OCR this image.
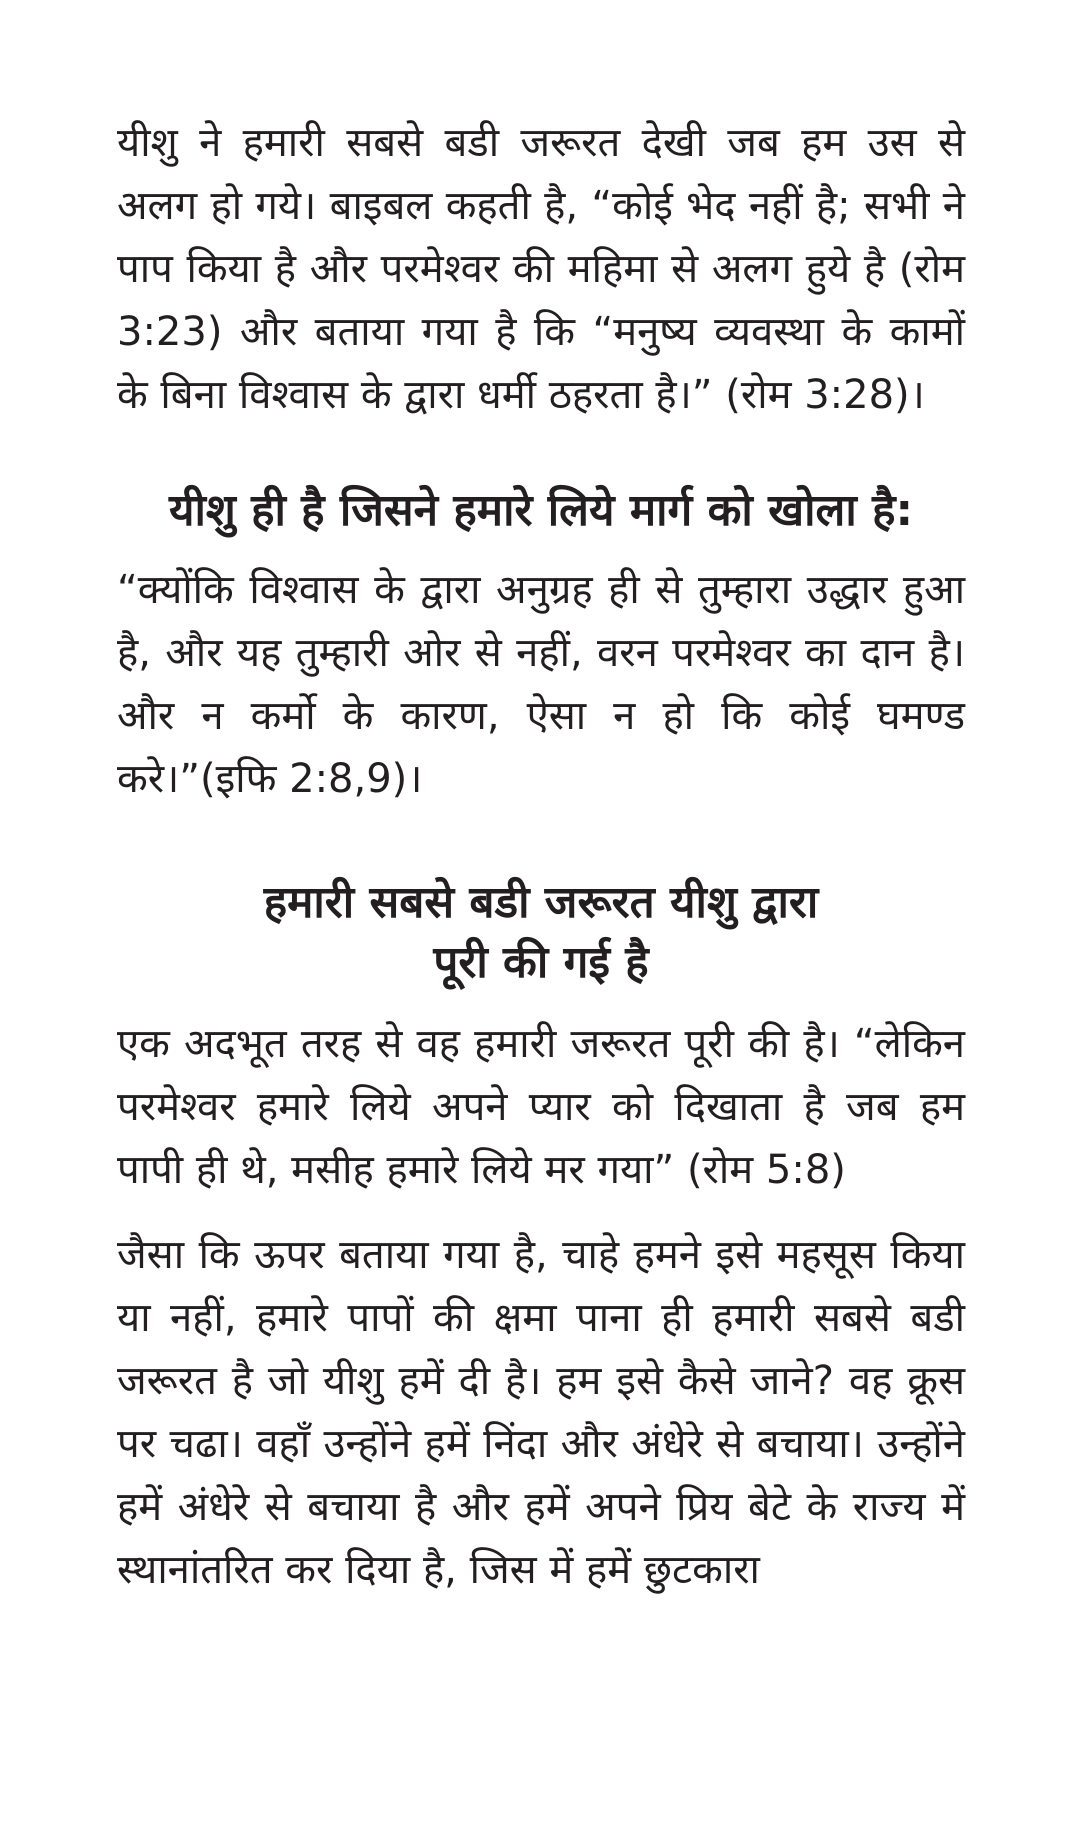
यीशु ने हमारी सबसे बडी जरूरत देखी जब हम उस से अलग हो गये। बाइबल कहती है, “कोई भेद नहीं है; सभी ने पाप किया है और परमेश्वर की महिमा से अलग हुये है (रोम 3:23) और बताया गया है कि “मनुष्य व्यवस्था के कामों के बिना विश्वास के द्वारा धर्मी ठहरता है।” (रोम 3:28)।

यीशु ही है जिसने हमारे लिये मार्ग को खोला है:

“क्योंकि विश्वास के द्वारा अनुग्रह ही से तुम्हारा उद्धार हुआ है, और यह तुम्हारी ओर से नहीं, वरन परमेश्वर का दान है। और न कर्मो के कारण, ऐसा न हो कि कोई घमण्ड करे।”(इफि 2:8,9)।

हमारी सबसे बडी जरूरत यीशु द्वारा
पूरी की गई है

एक अदभूत तरह से वह हमारी जरूरत पूरी की है। “लेकिन परमेश्वर हमारे लिये अपने प्यार को दिखाता है जब हम पापी ही थे, मसीह हमारे लिये मर गया” (रोम 5:8)

जैसा कि ऊपर बताया गया है, चाहे हमने इसे महसूस किया या नहीं, हमारे पापों की क्षमा पाना ही हमारी सबसे बडी जरूरत है जो यीशु हमें दी है। हम इसे कैसे जाने? वह क्रूस पर चढा। वहाँ उन्होंने हमें निंदा और अंधेरे से बचाया। उन्होंने हमें अंधेरे से बचाया है और हमें अपने प्रिय बेटे के राज्य में स्थानांतरित कर दिया है, जिस में हमें छुटकारा
